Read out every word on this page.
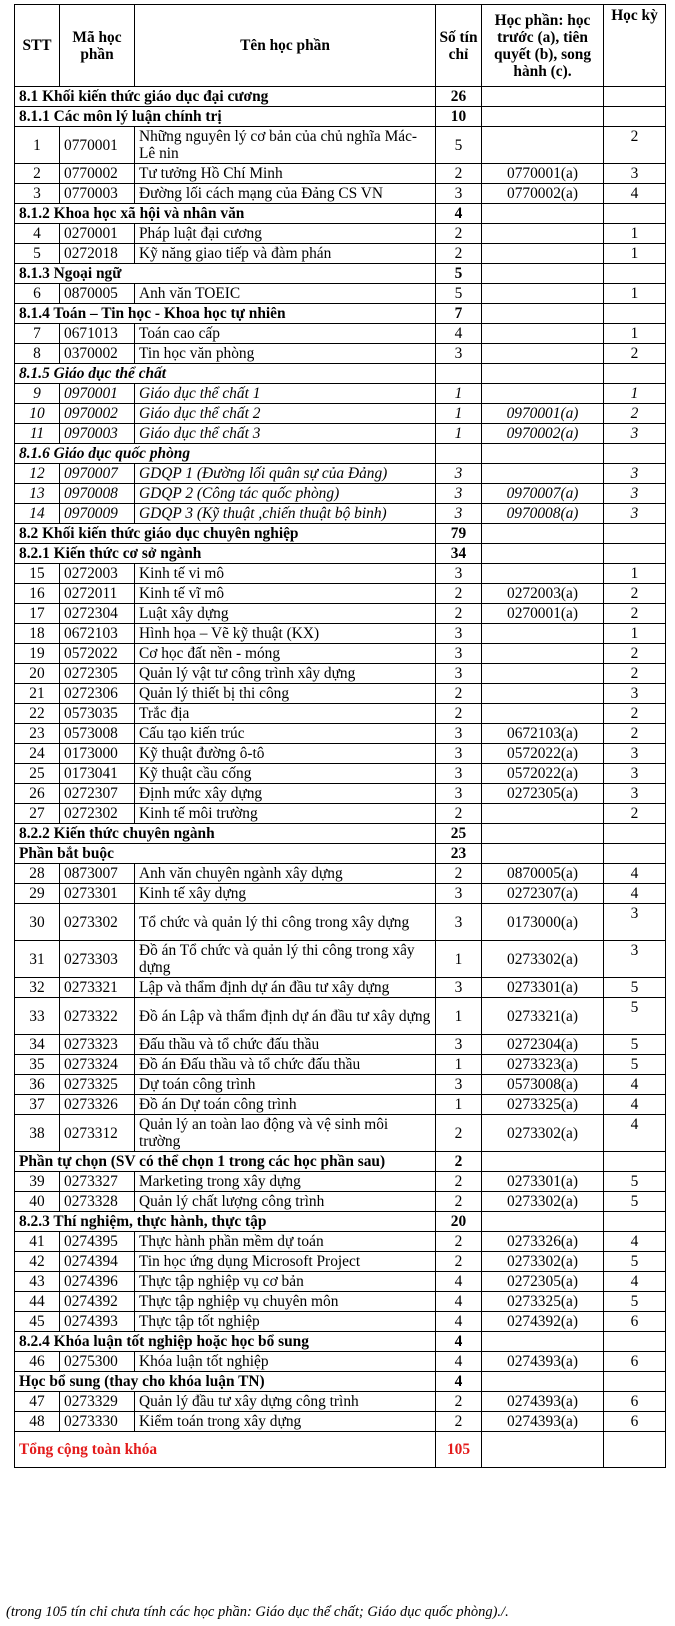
STT	Mã học phần	Tên học phần	Số tín chỉ	Học phần: học trước (a), tiên quyết (b), song hành (c).	Học kỳ
8.1 Khối kiến thức giáo dục đại cương			26		
8.1.1 Các môn lý luận chính trị			10		
1	0770001	Những nguyên lý cơ bản của chủ nghĩa Mác-Lê nin	5		2
2	0770002	Tư tưởng Hồ Chí Minh	2	0770001(a)	3
3	0770003	Đường lối cách mạng của Đảng CS VN	3	0770002(a)	4
8.1.2 Khoa học xã hội và nhân văn			4		
4	0270001	Pháp luật đại cương	2		1
5	0272018	Kỹ năng giao tiếp và đàm phán	2		1
8.1.3 Ngoại ngữ			5		
6	0870005	Anh văn TOEIC	5		1
8.1.4 Toán – Tin học - Khoa học tự nhiên			7		
7	0671013	Toán cao cấp	4		1
8	0370002	Tin học văn phòng	3		2
8.1.5 Giáo dục thể chất					
9	0970001	Giáo dục thể chất 1	1		1
10	0970002	Giáo dục thể chất 2	1	0970001(a)	2
11	0970003	Giáo dục thể chất 3	1	0970002(a)	3
8.1.6 Giáo dục quốc phòng					
12	0970007	GDQP 1 (Đường lối quân sự của Đảng)	3		3
13	0970008	GDQP 2 (Công tác quốc phòng)	3	0970007(a)	3
14	0970009	GDQP 3 (Kỹ thuật ,chiến thuật bộ binh)	3	0970008(a)	3
8.2 Khối kiến thức giáo dục chuyên nghiệp			79		
8.2.1 Kiến thức cơ sở ngành			34		
15	0272003	Kinh tế vi mô	3		1
16	0272011	Kinh tế vĩ mô	2	0272003(a)	2
17	0272304	Luật xây dựng	2	0270001(a)	2
18	0672103	Hình họa – Vẽ kỹ thuật (KX)	3		1
19	0572022	Cơ học đất nền - móng	3		2
20	0272305	Quản lý vật tư công trình xây dựng	3		2
21	0272306	Quản lý thiết bị thi công	2		3
22	0573035	Trắc địa	2		2
23	0573008	Cấu tạo kiến trúc	3	0672103(a)	2
24	0173000	Kỹ thuật đường ô-tô	3	0572022(a)	3
25	0173041	Kỹ thuật cầu cống	3	0572022(a)	3
26	0272307	Định mức xây dựng	3	0272305(a)	3
27	0272302	Kinh tế môi trường	2		2
8.2.2 Kiến thức chuyên ngành			25		
Phần bắt buộc			23		
28	0873007	Anh văn chuyên ngành xây dựng	2	0870005(a)	4
29	0273301	Kinh tế xây dựng	3	0272307(a)	4
30	0273302	Tổ chức và quản lý thi công trong xây dựng	3	0173000(a)	3
31	0273303	Đồ án Tổ chức và quản lý thi công trong xây dựng	1	0273302(a)	3
32	0273321	Lập và thẩm định dự án đầu tư xây dựng	3	0273301(a)	5
33	0273322	Đồ án Lập và thẩm định dự án đầu tư xây dựng	1	0273321(a)	5
34	0273323	Đấu thầu và tổ chức đấu thầu	3	0272304(a)	5
35	0273324	Đồ án Đấu thầu và tổ chức đấu thầu	1	0273323(a)	5
36	0273325	Dự toán công trình	3	0573008(a)	4
37	0273326	Đồ án Dự toán công trình	1	0273325(a)	4
38	0273312	Quản lý an toàn lao động và vệ sinh môi trường	2	0273302(a)	4
Phần tự chọn (SV có thể chọn 1 trong các học phần sau)			2		
39	0273327	Marketing trong xây dựng	2	0273301(a)	5
40	0273328	Quản lý chất lượng công trình	2	0273302(a)	5
8.2.3 Thí nghiệm, thực hành, thực tập			20		
41	0274395	Thực hành phần mềm dự toán	2	0273326(a)	4
42	0274394	Tin học ứng dụng Microsoft Project	2	0273302(a)	5
43	0274396	Thực tập nghiệp vụ cơ bản	4	0272305(a)	4
44	0274392	Thực tập nghiệp vụ chuyên môn	4	0273325(a)	5
45	0274393	Thực tập tốt nghiệp	4	0274392(a)	6
8.2.4 Khóa luận tốt nghiệp hoặc học bổ sung			4		
46	0275300	Khóa luận tốt nghiệp	4	0274393(a)	6
Học bổ sung (thay cho khóa luận TN)			4		
47	0273329	Quản lý đầu tư xây dựng công trình	2	0274393(a)	6
48	0273330	Kiểm toán trong xây dựng	2	0274393(a)	6
Tổng cộng toàn khóa			105		
(trong 105 tín chỉ chưa tính các học phần: Giáo dục thể chất; Giáo dục quốc phòng)./.
